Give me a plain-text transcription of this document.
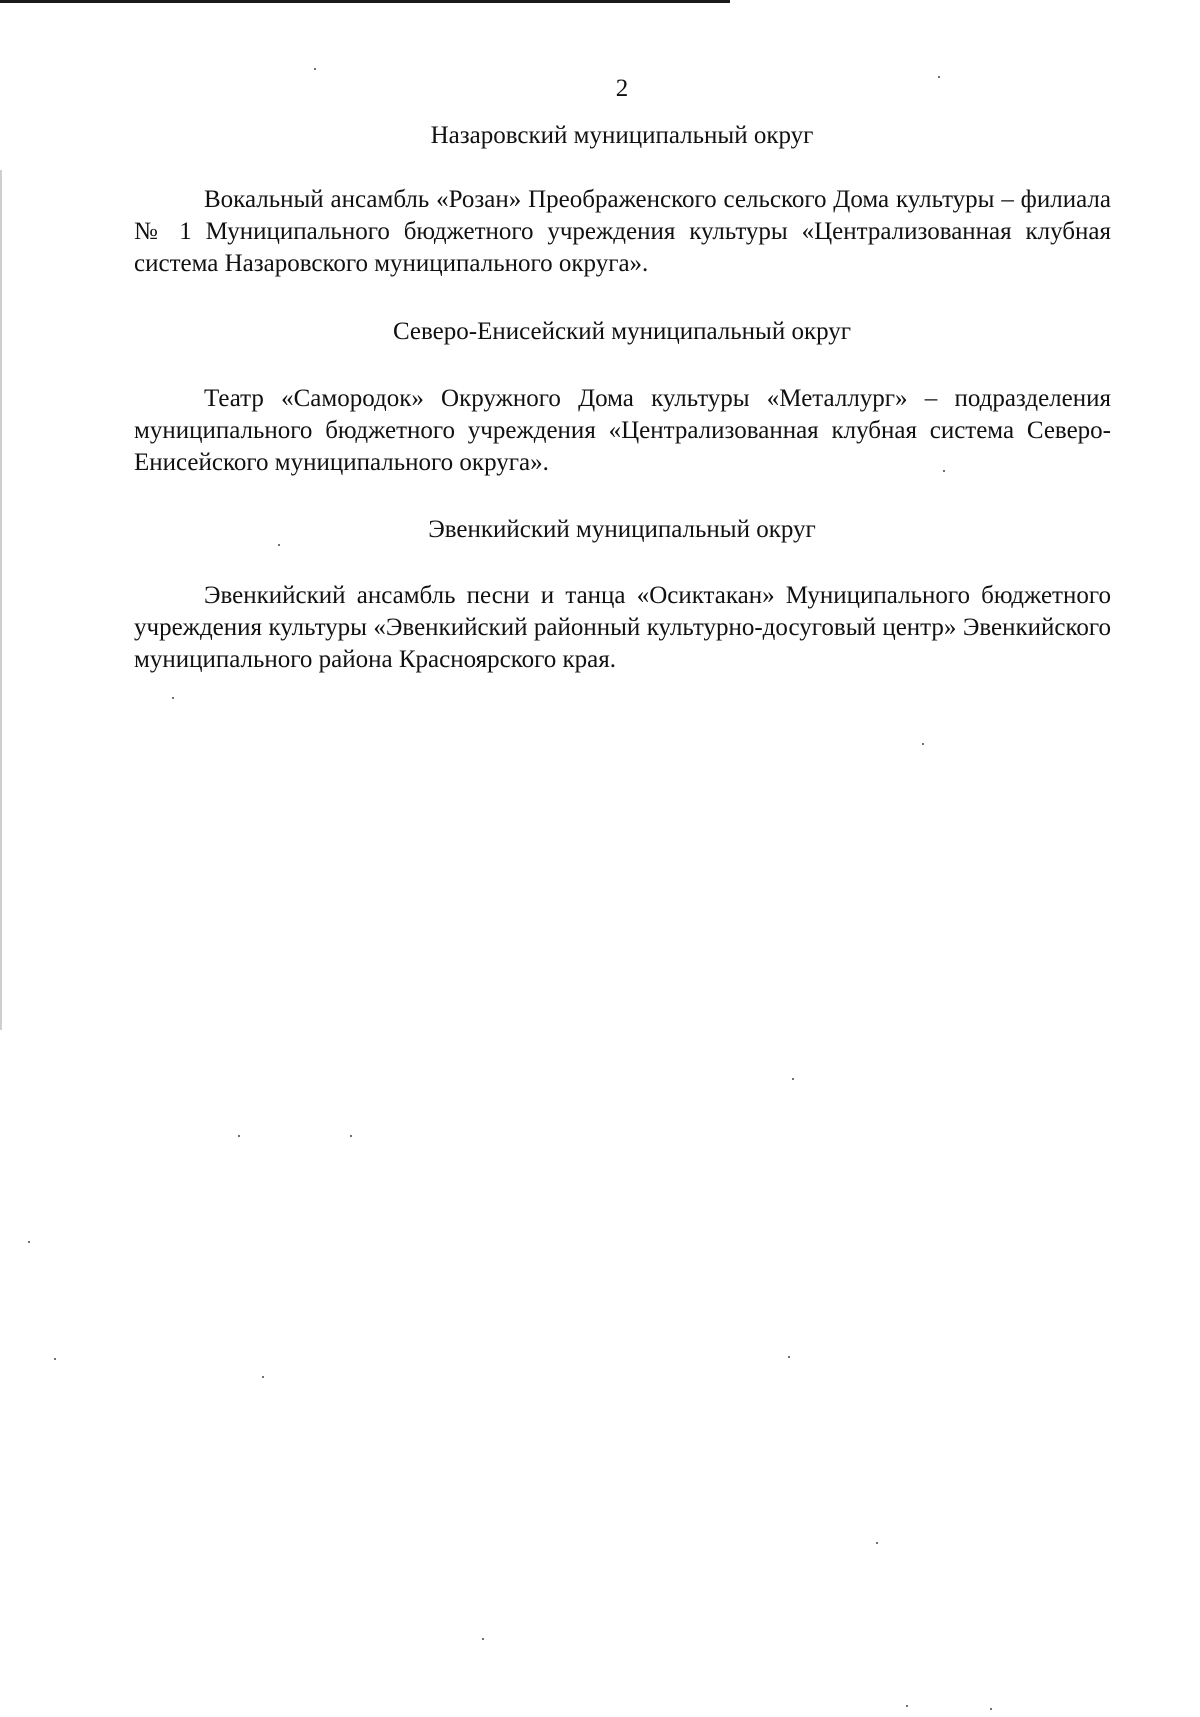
2
Назаровский муниципальный округ

Вокальный ансамбль «Розан» Преображенского сельского Дома культуры – филиала № 1 Муниципального бюджетного учреждения культуры «Централизованная клубная система Назаровского муниципального округа».

Северо-Енисейский муниципальный округ

Театр «Самородок» Окружного Дома культуры «Металлург» – подразделения муниципального бюджетного учреждения «Централизованная клубная система Северо-Енисейского муниципального округа».

Эвенкийский муниципальный округ

Эвенкийский ансамбль песни и танца «Осиктакан» Муниципального бюджетного учреждения культуры «Эвенкийский районный культурно-досуговый центр» Эвенкийского муниципального района Красноярского края.
